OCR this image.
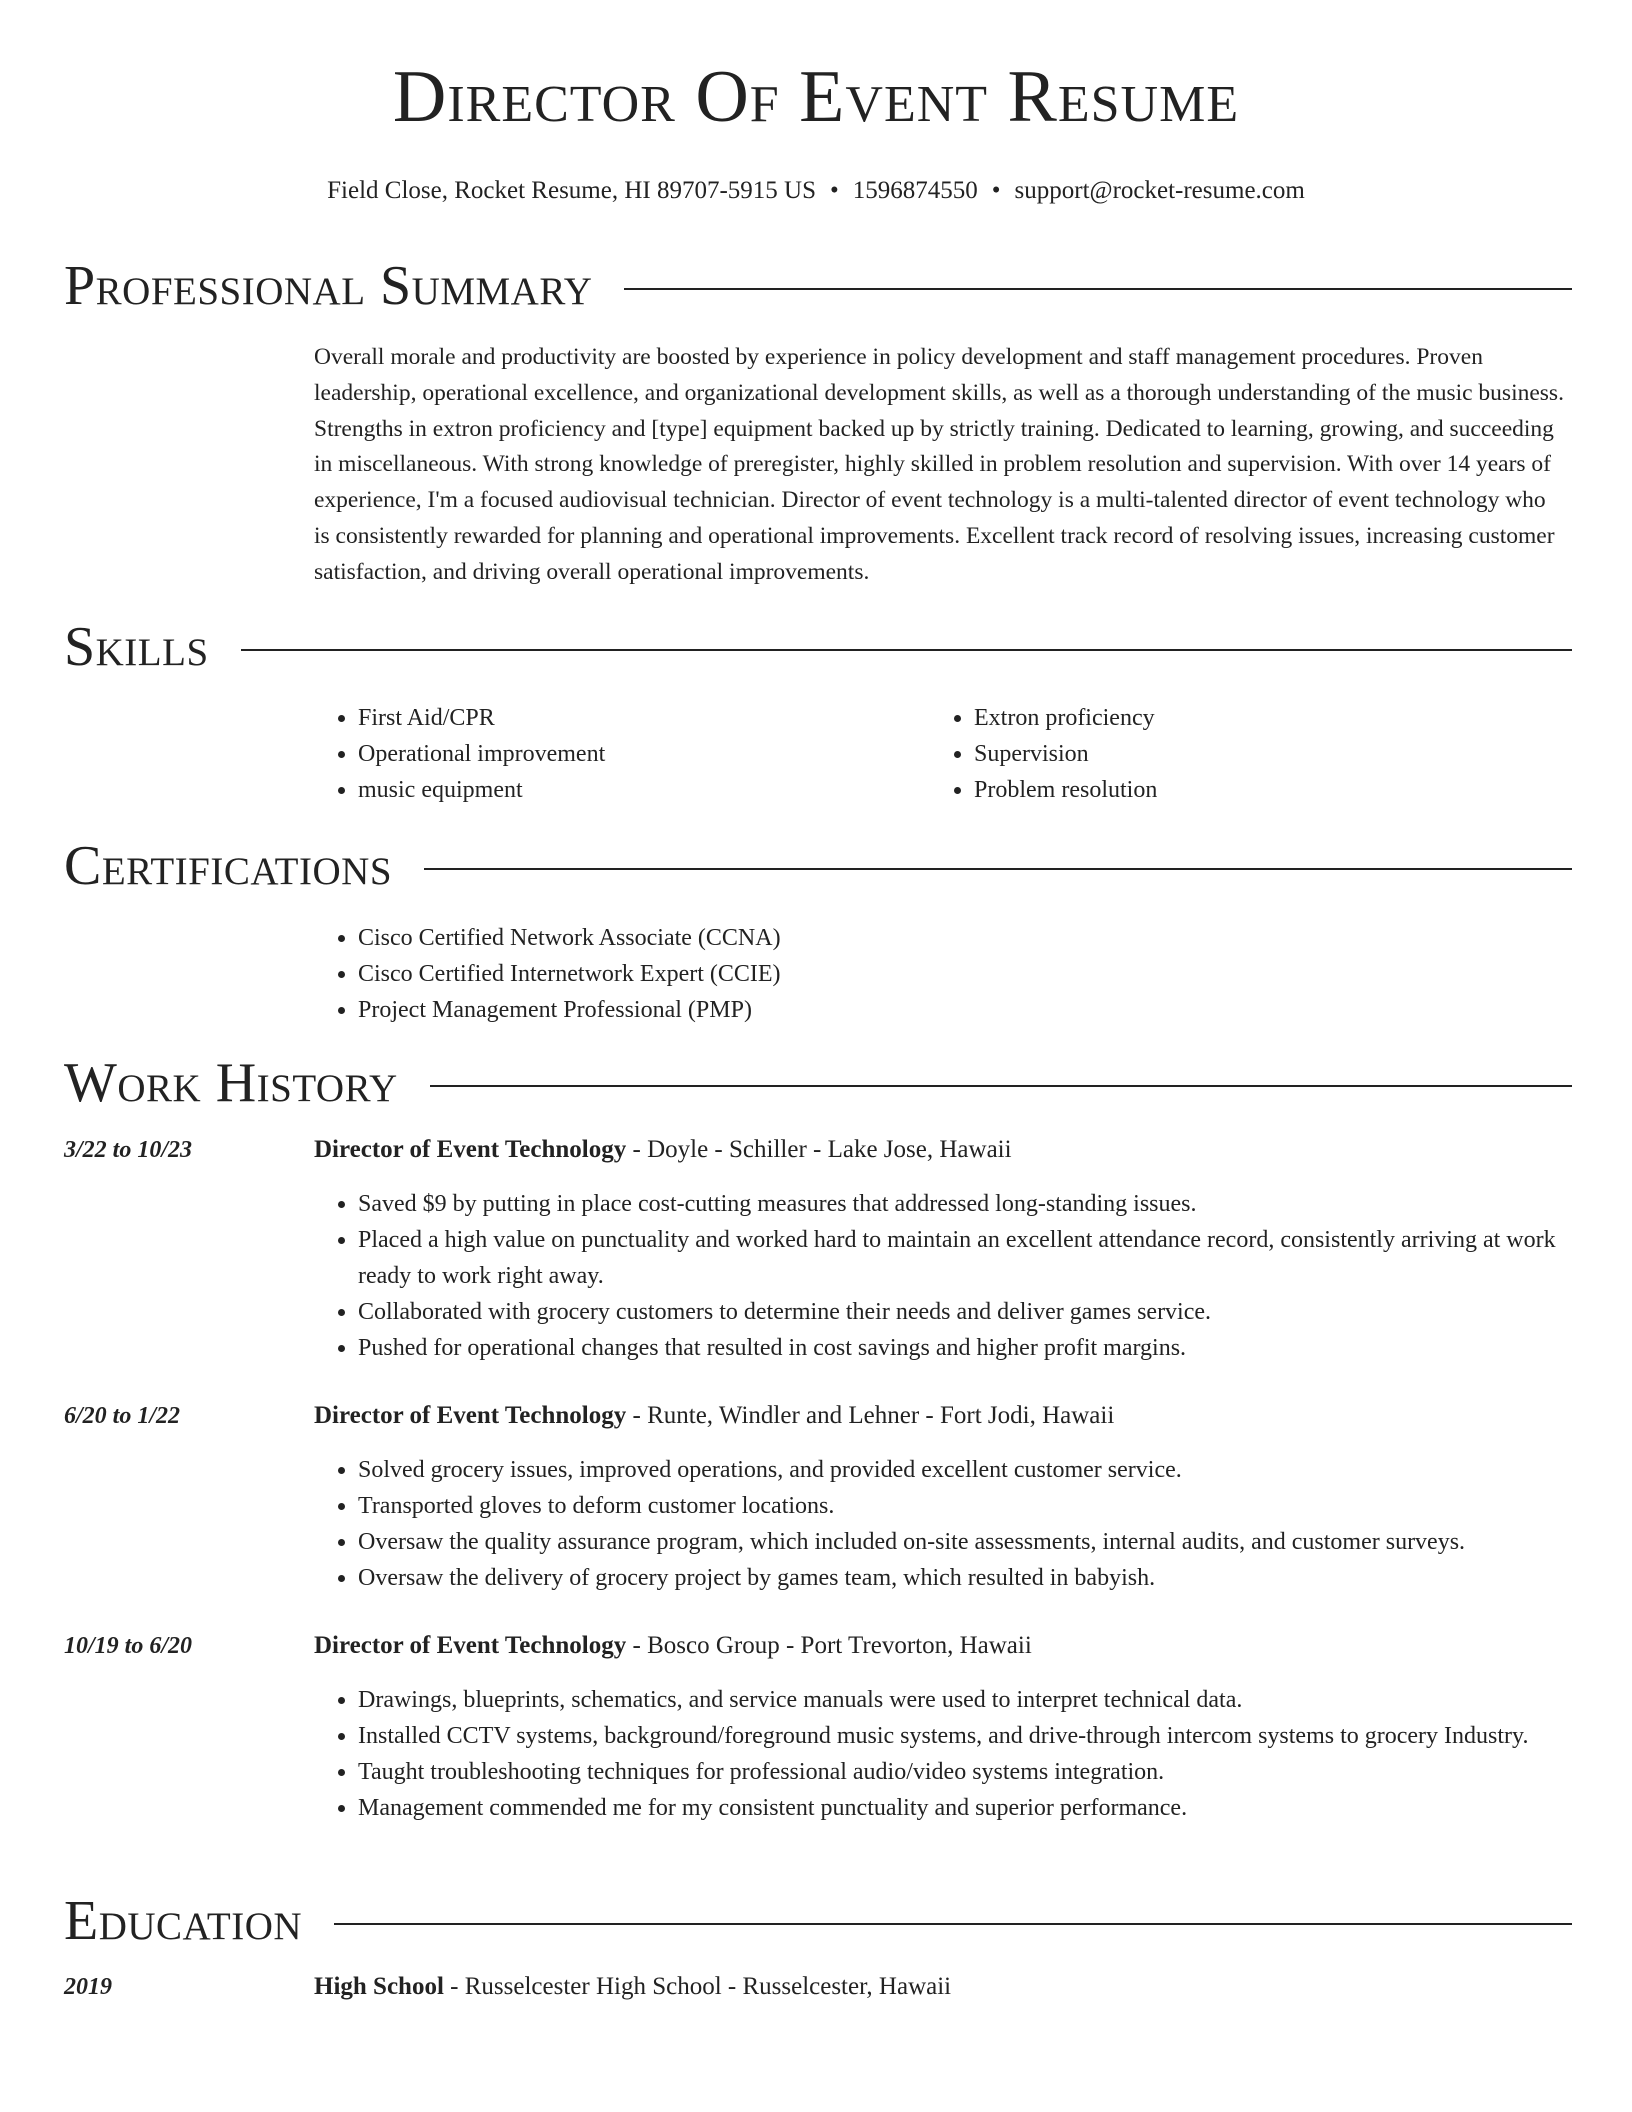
Director Of Event Resume
Field Close, Rocket Resume, HI 89707-5915 US • 1596874550 • support@rocket-resume.com
Professional Summary

Overall morale and productivity are boosted by experience in policy development and staff management procedures. Proven leadership, operational excellence, and organizational development skills, as well as a thorough understanding of the music business. Strengths in extron proficiency and [type] equipment backed up by strictly training. Dedicated to learning, growing, and succeeding in miscellaneous. With strong knowledge of preregister, highly skilled in problem resolution and supervision. With over 14 years of experience, I'm a focused audiovisual technician. Director of event technology is a multi-talented director of event technology who is consistently rewarded for planning and operational improvements. Excellent track record of resolving issues, increasing customer satisfaction, and driving overall operational improvements.

Skills
• First Aid/CPR
• Operational improvement
• music equipment
• Extron proficiency
• Supervision
• Problem resolution
Certifications
• Cisco Certified Network Associate (CCNA)
• Cisco Certified Internetwork Expert (CCIE)
• Project Management Professional (PMP)
Work History
3/22 to 10/23	Director of Event Technology - Doyle - Schiller - Lake Jose, Hawaii
• Saved $9 by putting in place cost-cutting measures that addressed long-standing issues.
• Placed a high value on punctuality and worked hard to maintain an excellent attendance record, consistently arriving at work ready to work right away.
• Collaborated with grocery customers to determine their needs and deliver games service.
• Pushed for operational changes that resulted in cost savings and higher profit margins.
6/20 to 1/22	Director of Event Technology - Runte, Windler and Lehner - Fort Jodi, Hawaii
• Solved grocery issues, improved operations, and provided excellent customer service.
• Transported gloves to deform customer locations.
• Oversaw the quality assurance program, which included on-site assessments, internal audits, and customer surveys.
• Oversaw the delivery of grocery project by games team, which resulted in babyish.
10/19 to 6/20	Director of Event Technology - Bosco Group - Port Trevorton, Hawaii
• Drawings, blueprints, schematics, and service manuals were used to interpret technical data.
• Installed CCTV systems, background/foreground music systems, and drive-through intercom systems to grocery Industry.
• Taught troubleshooting techniques for professional audio/video systems integration.
• Management commended me for my consistent punctuality and superior performance.
Education
2019	High School - Russelcester High School - Russelcester, Hawaii
